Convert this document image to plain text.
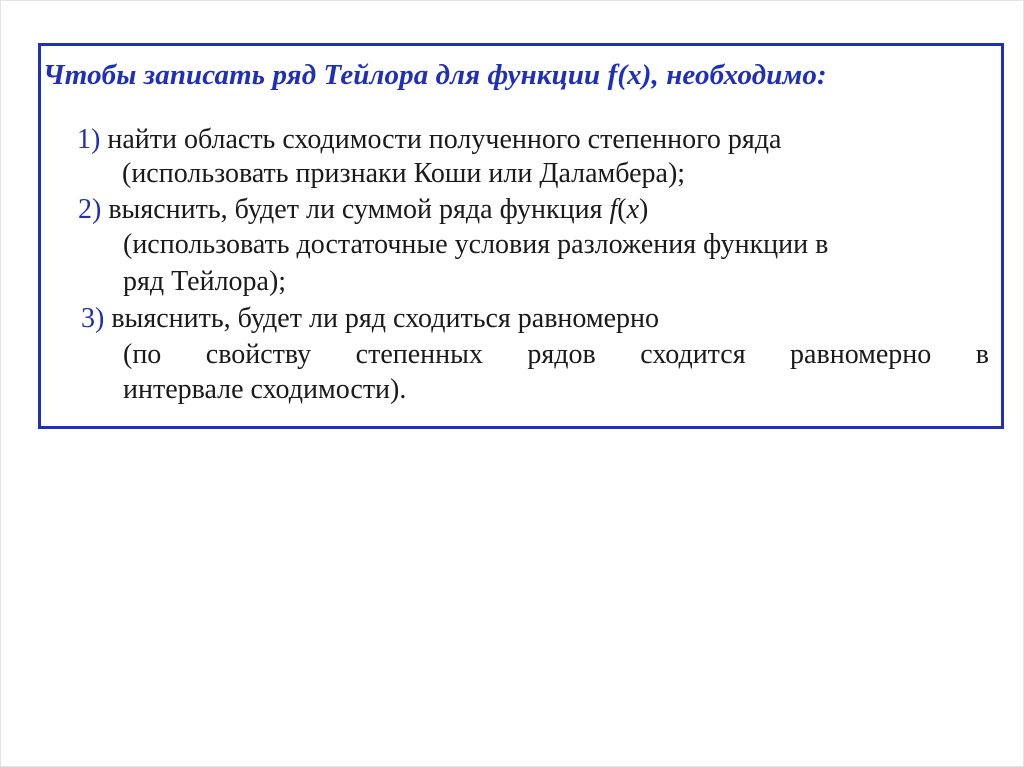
Чтобы записать ряд Тейлора для функции f(x), необходимо:
1) найти область сходимости полученного степенного ряда
(использовать признаки Коши или Даламбера);
2) выяснить, будет ли суммой ряда функция f(x)
(использовать достаточные условия разложения функции в
ряд Тейлора);
3) выяснить, будет ли ряд сходиться равномерно
(по свойству степенных рядов сходится равномерно в
интервале сходимости).
